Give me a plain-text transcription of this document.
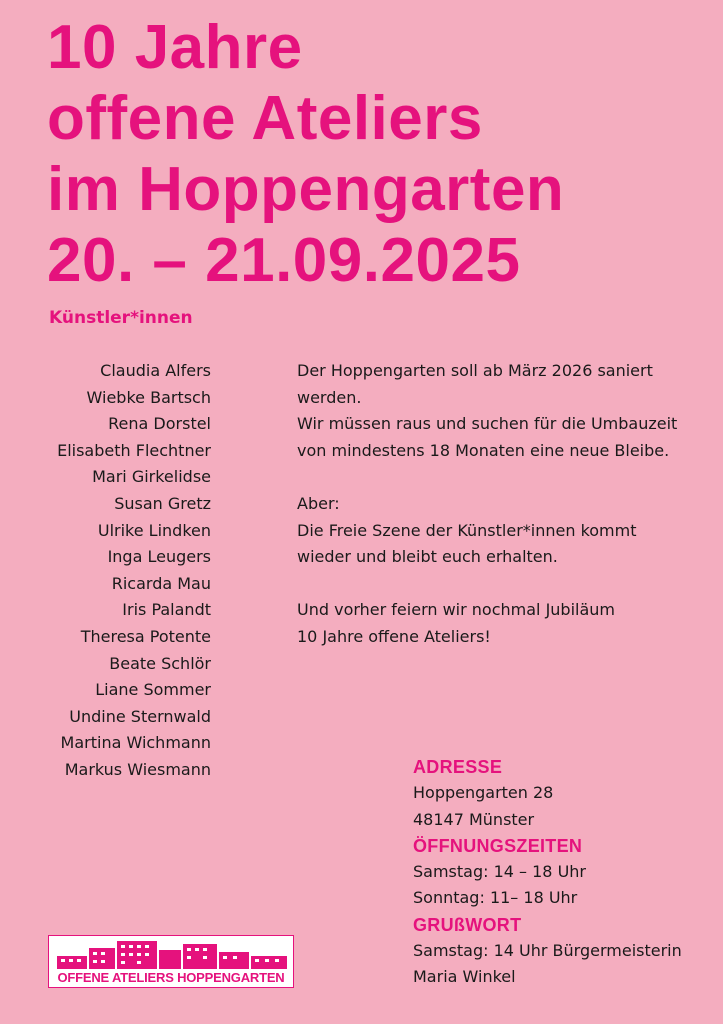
10 Jahre
offene Ateliers
im Hoppengarten
20. – 21.09.2025
Künstler*innen
Claudia Alfers
Wiebke Bartsch
Rena Dorstel
Elisabeth Flechtner
Mari Girkelidse
Susan Gretz
Ulrike Lindken
Inga Leugers
Ricarda Mau
Iris Palandt
Theresa Potente
Beate Schlör
Liane Sommer
Undine Sternwald
Martina Wichmann
Markus Wiesmann

Der Hoppengarten soll ab März 2026 saniert
werden.
Wir müssen raus und suchen für die Umbauzeit
von mindestens 18 Monaten eine neue Bleibe.

Aber:
Die Freie Szene der Künstler*innen kommt
wieder und bleibt euch erhalten.

Und vorher feiern wir nochmal Jubiläum
10 Jahre offene Ateliers!

ADRESSE
Hoppengarten 28
48147 Münster
ÖFFNUNGSZEITEN
Samstag: 14 – 18 Uhr
Sonntag: 11– 18 Uhr
GRUßWORT
Samstag: 14 Uhr Bürgermeisterin
Maria Winkel
OFFENE ATELIERS HOPPENGARTEN
